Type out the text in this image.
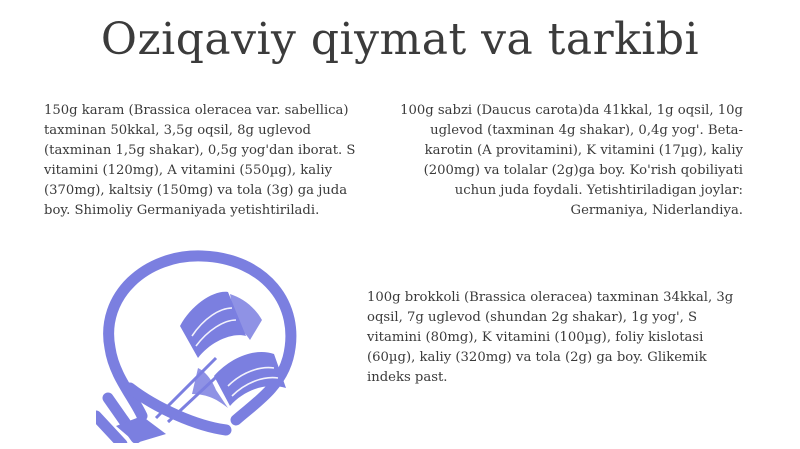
Oziqaviy qiymat va tarkibi
150g karam (Brassica oleracea var. sabellica) taxminan 50kkal, 3,5g oqsil, 8g uglevod (taxminan 1,5g shakar), 0,5g yog'dan iborat. S vitamini (120mg), A vitamini (550µg), kaliy (370mg), kaltsiy (150mg) va tola (3g) ga juda boy. Shimoliy Germaniyada yetishtiriladi.
100g sabzi (Daucus carota)da 41kkal, 1g oqsil, 10g uglevod (taxminan 4g shakar), 0,4g yog'. Beta-karotin (A provitamini), K vitamini (17µg), kaliy (200mg) va tolalar (2g)ga boy. Ko'rish qobiliyati uchun juda foydali. Yetishtiriladigan joylar: Germaniya, Niderlandiya.
100g brokkoli (Brassica oleracea) taxminan 34kkal, 3g oqsil, 7g uglevod (shundan 2g shakar), 1g yog', S vitamini (80mg), K vitamini (100µg), foliy kislotasi (60µg), kaliy (320mg) va tola (2g) ga boy. Glikemik indeks past.
